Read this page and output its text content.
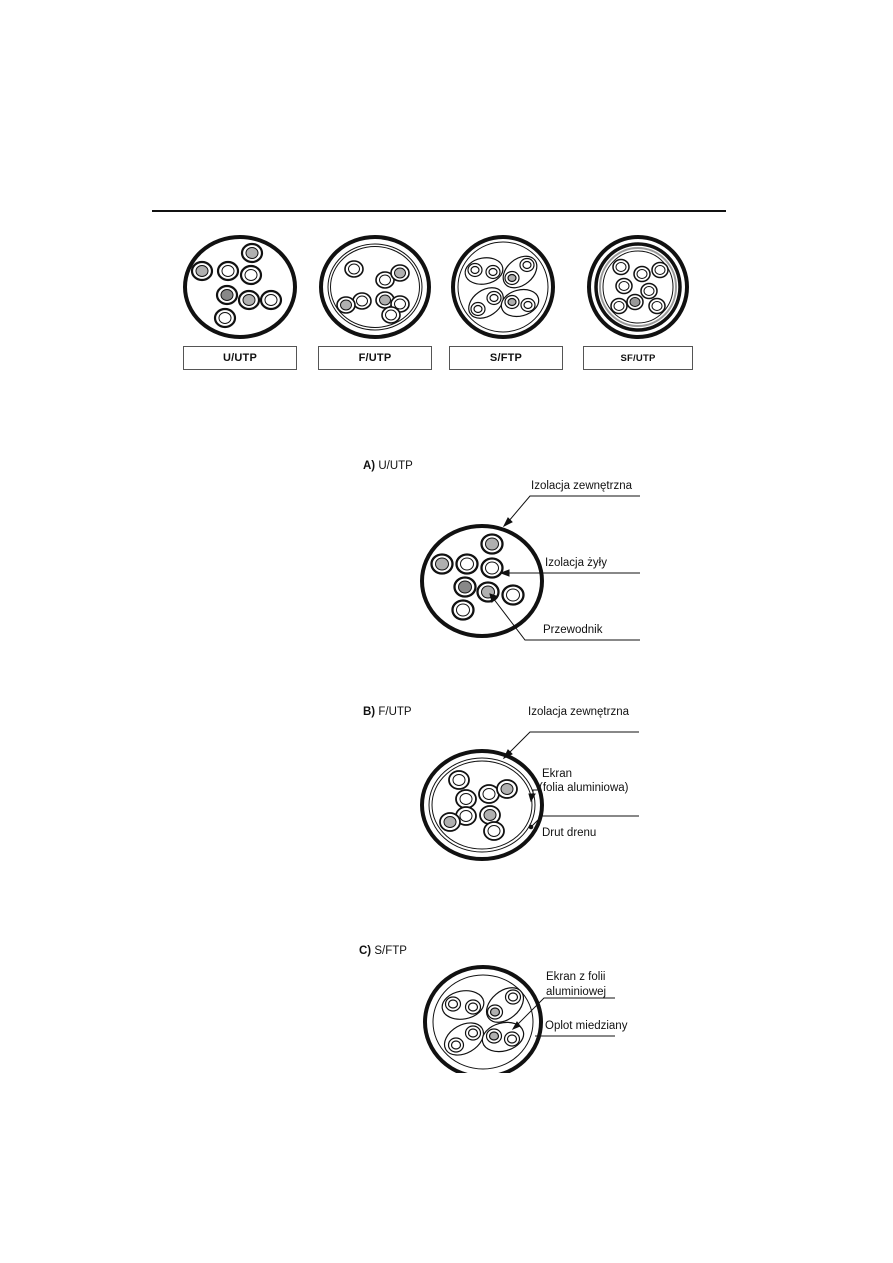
U/UTP	F/UTP	S/FTP	SF/UTP
A) U/UTP
Izolacja zewnętrzna
Izolacja żyły
Przewodnik
B) F/UTP	Izolacja zewnętrzna
Ekran
(folia aluminiowa)
Drut drenu
C) S/FTP
Ekran z folii
aluminiowej
Oplot miedziany
